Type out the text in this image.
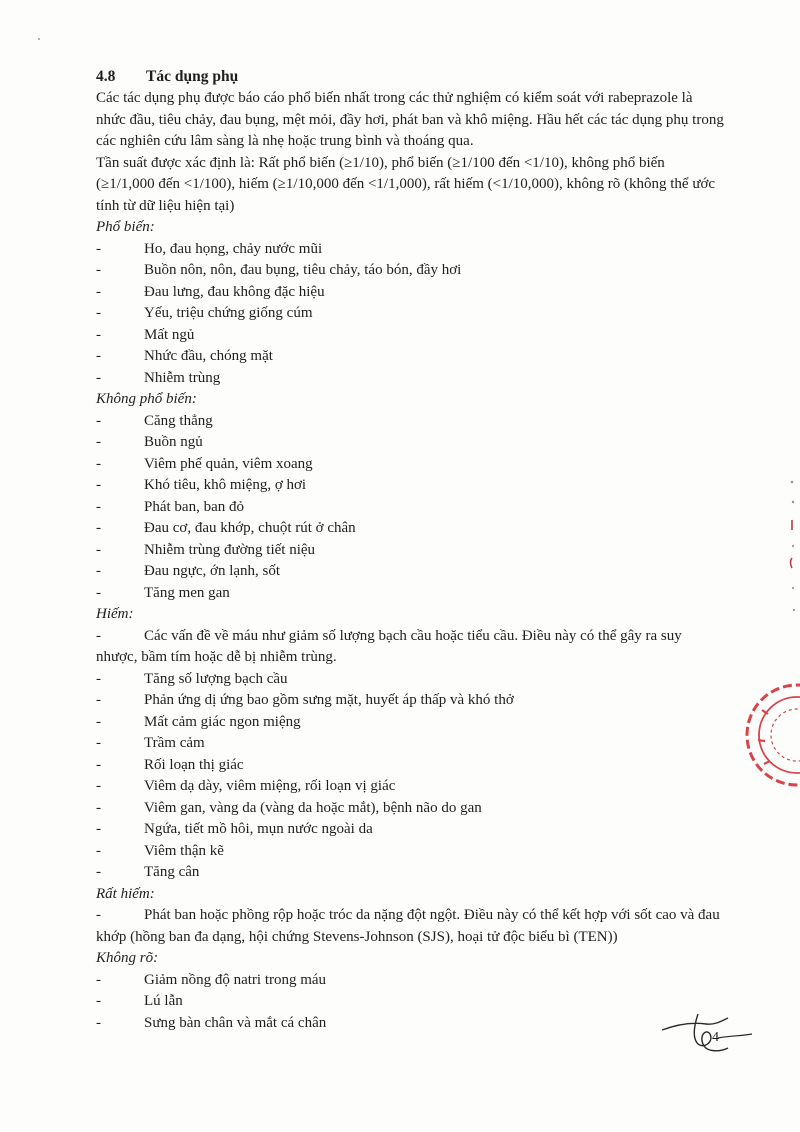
4.8 Tác dụng phụ

Các tác dụng phụ được báo cáo phổ biến nhất trong các thử nghiệm có kiểm soát với rabeprazole là nhức đầu, tiêu chảy, đau bụng, mệt mỏi, đầy hơi, phát ban và khô miệng. Hầu hết các tác dụng phụ trong các nghiên cứu lâm sàng là nhẹ hoặc trung bình và thoáng qua.

Tần suất được xác định là: Rất phổ biến (≥1/10), phổ biến (≥1/100 đến <1/10), không phổ biến (≥1/1,000 đến <1/100), hiếm (≥1/10,000 đến <1/1,000), rất hiếm (<1/10,000), không rõ (không thể ước tính từ dữ liệu hiện tại)

Phổ biến:

-	Ho, đau họng, chảy nước mũi
-	Buồn nôn, nôn, đau bụng, tiêu chảy, táo bón, đầy hơi
-	Đau lưng, đau không đặc hiệu
-	Yếu, triệu chứng giống cúm
-	Mất ngủ
-	Nhức đầu, chóng mặt
-	Nhiễm trùng

Không phổ biến:

-	Căng thẳng
-	Buồn ngủ
-	Viêm phế quản, viêm xoang
-	Khó tiêu, khô miệng, ợ hơi
-	Phát ban, ban đỏ
-	Đau cơ, đau khớp, chuột rút ở chân
-	Nhiễm trùng đường tiết niệu
-	Đau ngực, ớn lạnh, sốt
-	Tăng men gan

Hiếm:

-	Các vấn đề về máu như giảm số lượng bạch cầu hoặc tiểu cầu. Điều này có thể gây ra suy nhược, bầm tím hoặc dễ bị nhiễm trùng.
-	Tăng số lượng bạch cầu
-	Phản ứng dị ứng bao gồm sưng mặt, huyết áp thấp và khó thở
-	Mất cảm giác ngon miệng
-	Trầm cảm
-	Rối loạn thị giác
-	Viêm dạ dày, viêm miệng, rối loạn vị giác
-	Viêm gan, vàng da (vàng da hoặc mắt), bệnh não do gan
-	Ngứa, tiết mồ hôi, mụn nước ngoài da
-	Viêm thận kẽ
-	Tăng cân

Rất hiếm:

-	Phát ban hoặc phồng rộp hoặc tróc da nặng đột ngột. Điều này có thể kết hợp với sốt cao và đau khớp (hồng ban đa dạng, hội chứng Stevens-Johnson (SJS), hoại tử độc biểu bì (TEN))

Không rõ:

-	Giảm nồng độ natri trong máu
-	Lú lẫn
-	Sưng bàn chân và mắt cá chân
4
